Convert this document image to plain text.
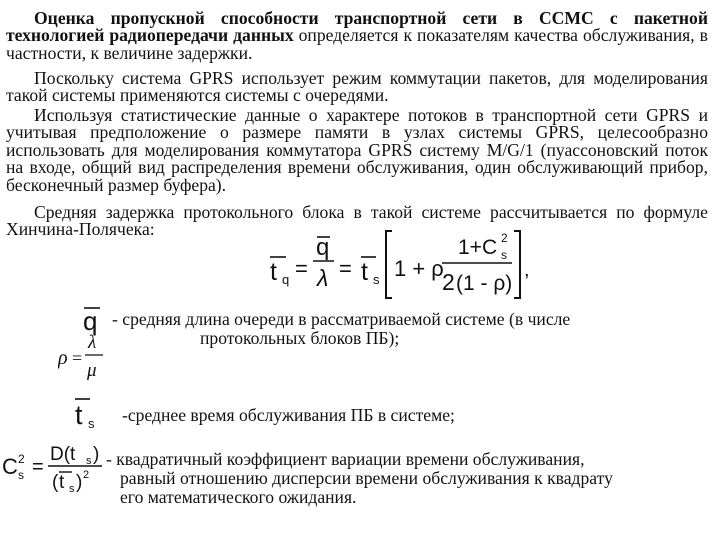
Оценка пропускной способности транспортной сети в ССМС с пакетной технологией радиопередачи данных определяется к показателям качества обслуживания, в частности, к величине задержки.

Поскольку система GPRS использует режим коммутации пакетов, для моделирования такой системы применяются системы с очередями.

Используя статистические данные о характере потоков в транспортной сети GPRS и учитывая предположение о размере памяти в узлах системы GPRS, целесообразно использовать для моделирования коммутатора GPRS систему M/G/1 (пуассоновский поток на входе, общий вид распределения времени обслуживания, один обслуживающий прибор, бесконечный размер буфера).

Средняя задержка протокольного блока в такой системе рассчитывается по формуле Хинчина-Полячека:

t q =
q
λ = t s 1 + ρ
1+C 2
s
2 (1 - ρ)
,
q
ρ =
λ
μ

- средняя длина очереди в рассматриваемой системе (в числе

протокольных блоков ПБ);

t s -среднее время обслуживания ПБ в системе;

C 2
s =
D(t s )
( t s ) 2

- квадратичный коэффициент вариации времени обслуживания,

равный отношению дисперсии времени обслуживания к квадрату

его математического ожидания.
